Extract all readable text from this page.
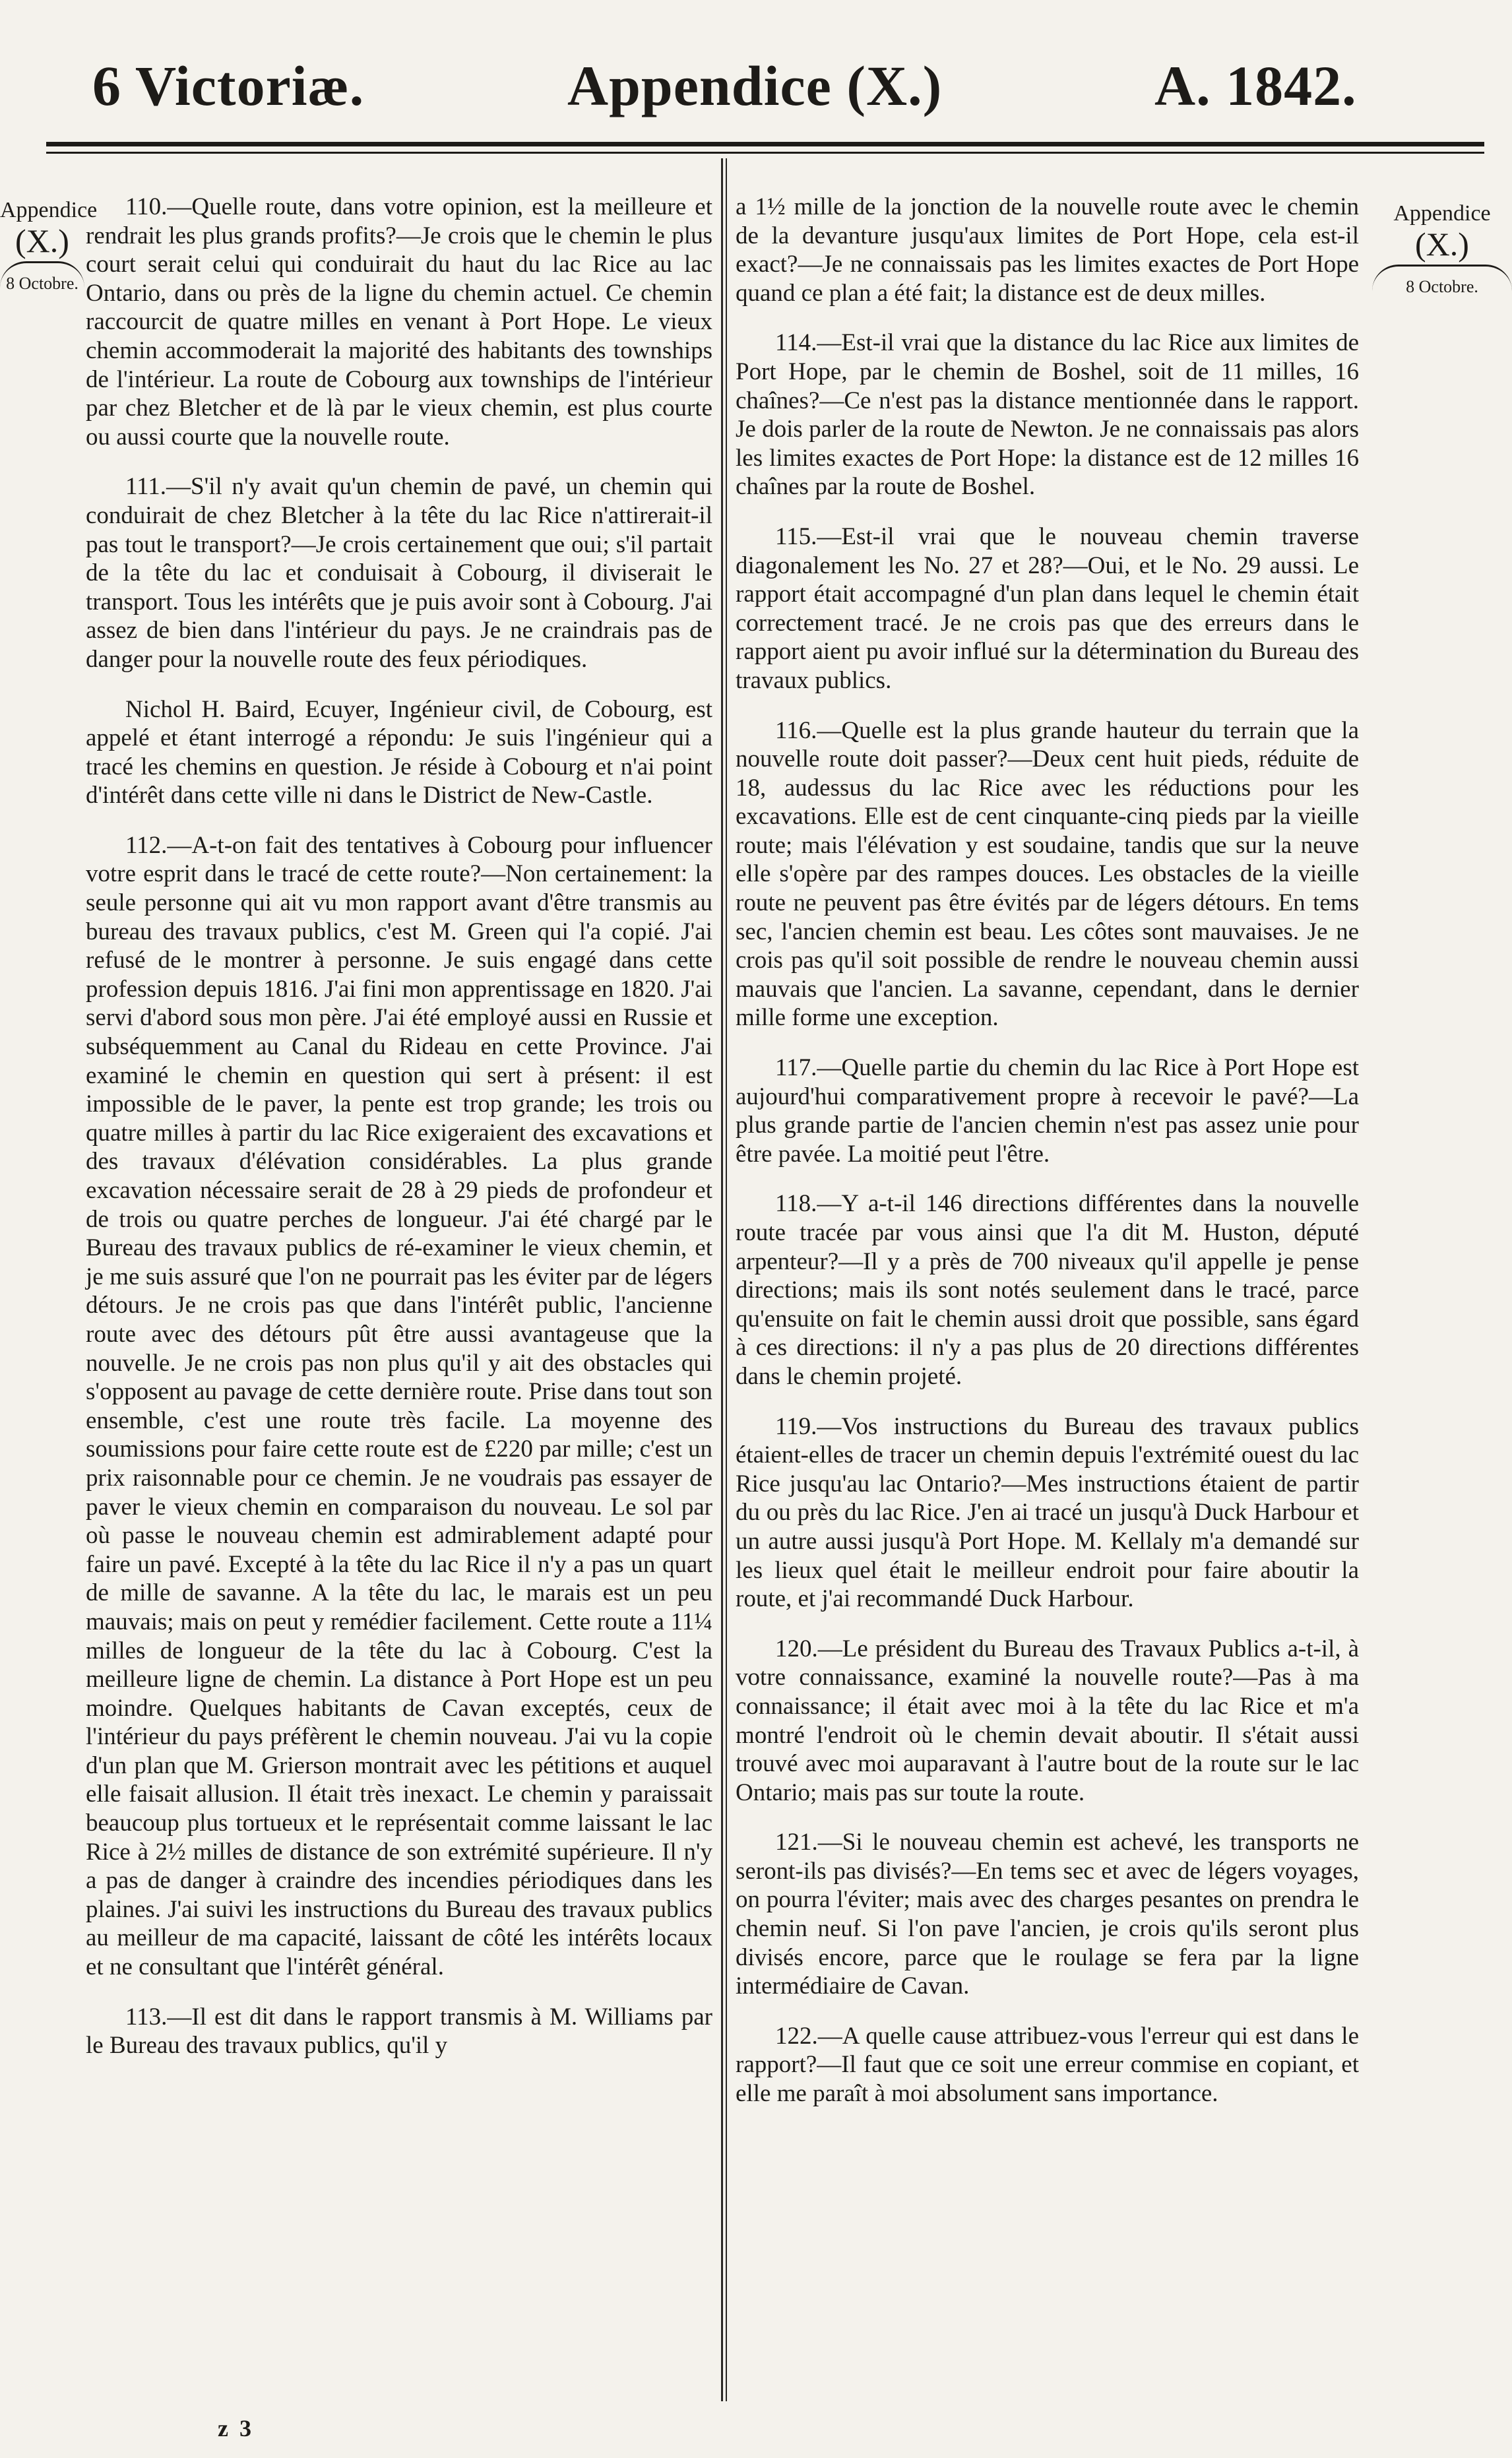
6 Victoriæ.	Appendice (X.)	A. 1842.
Appendice
(X.)
8 Octobre.
Appendice
(X.)
8 Octobre.

110.—Quelle route, dans votre opinion, est la meilleure et rendrait les plus grands profits?—Je crois que le chemin le plus court serait celui qui conduirait du haut du lac Rice au lac Ontario, dans ou près de la ligne du chemin actuel. Ce chemin raccourcit de quatre milles en venant à Port Hope. Le vieux chemin accommoderait la majorité des habitants des townships de l'intérieur. La route de Cobourg aux townships de l'intérieur par chez Bletcher et de là par le vieux chemin, est plus courte ou aussi courte que la nouvelle route.

111.—S'il n'y avait qu'un chemin de pavé, un chemin qui conduirait de chez Bletcher à la tête du lac Rice n'attirerait-il pas tout le transport?—Je crois certainement que oui; s'il partait de la tête du lac et conduisait à Cobourg, il diviserait le transport. Tous les intérêts que je puis avoir sont à Cobourg. J'ai assez de bien dans l'intérieur du pays. Je ne craindrais pas de danger pour la nouvelle route des feux périodiques.

Nichol H. Baird, Ecuyer, Ingénieur civil, de Cobourg, est appelé et étant interrogé a répondu: Je suis l'ingénieur qui a tracé les chemins en question. Je réside à Cobourg et n'ai point d'intérêt dans cette ville ni dans le District de New-Castle.

112.—A-t-on fait des tentatives à Cobourg pour influencer votre esprit dans le tracé de cette route?—Non certainement: la seule personne qui ait vu mon rapport avant d'être transmis au bureau des travaux publics, c'est M. Green qui l'a copié. J'ai refusé de le montrer à personne. Je suis engagé dans cette profession depuis 1816. J'ai fini mon apprentissage en 1820. J'ai servi d'abord sous mon père. J'ai été employé aussi en Russie et subséquemment au Canal du Rideau en cette Province. J'ai examiné le chemin en question qui sert à présent: il est impossible de le paver, la pente est trop grande; les trois ou quatre milles à partir du lac Rice exigeraient des excavations et des travaux d'élévation considérables. La plus grande excavation nécessaire serait de 28 à 29 pieds de profondeur et de trois ou quatre perches de longueur. J'ai été chargé par le Bureau des travaux publics de ré-examiner le vieux chemin, et je me suis assuré que l'on ne pourrait pas les éviter par de légers détours. Je ne crois pas que dans l'intérêt public, l'ancienne route avec des détours pût être aussi avantageuse que la nouvelle. Je ne crois pas non plus qu'il y ait des obstacles qui s'opposent au pavage de cette dernière route. Prise dans tout son ensemble, c'est une route très facile. La moyenne des soumissions pour faire cette route est de £220 par mille; c'est un prix raisonnable pour ce chemin. Je ne voudrais pas essayer de paver le vieux chemin en comparaison du nouveau. Le sol par où passe le nouveau chemin est admirablement adapté pour faire un pavé. Excepté à la tête du lac Rice il n'y a pas un quart de mille de savanne. A la tête du lac, le marais est un peu mauvais; mais on peut y remédier facilement. Cette route a 11¼ milles de longueur de la tête du lac à Cobourg. C'est la meilleure ligne de chemin. La distance à Port Hope est un peu moindre. Quelques habitants de Cavan exceptés, ceux de l'intérieur du pays préfèrent le chemin nouveau. J'ai vu la copie d'un plan que M. Grierson montrait avec les pétitions et auquel elle faisait allusion. Il était très inexact. Le chemin y paraissait beaucoup plus tortueux et le représentait comme laissant le lac Rice à 2½ milles de distance de son extrémité supérieure. Il n'y a pas de danger à craindre des incendies périodiques dans les plaines. J'ai suivi les instructions du Bureau des travaux publics au meilleur de ma capacité, laissant de côté les intérêts locaux et ne consultant que l'intérêt général.

113.—Il est dit dans le rapport transmis à M. Williams par le Bureau des travaux publics, qu'il y

a 1½ mille de la jonction de la nouvelle route avec le chemin de la devanture jusqu'aux limites de Port Hope, cela est-il exact?—Je ne connaissais pas les limites exactes de Port Hope quand ce plan a été fait; la distance est de deux milles.

114.—Est-il vrai que la distance du lac Rice aux limites de Port Hope, par le chemin de Boshel, soit de 11 milles, 16 chaînes?—Ce n'est pas la distance mentionnée dans le rapport. Je dois parler de la route de Newton. Je ne connaissais pas alors les limites exactes de Port Hope: la distance est de 12 milles 16 chaînes par la route de Boshel.

115.—Est-il vrai que le nouveau chemin traverse diagonalement les No. 27 et 28?—Oui, et le No. 29 aussi. Le rapport était accompagné d'un plan dans lequel le chemin était correctement tracé. Je ne crois pas que des erreurs dans le rapport aient pu avoir influé sur la détermination du Bureau des travaux publics.

116.—Quelle est la plus grande hauteur du terrain que la nouvelle route doit passer?—Deux cent huit pieds, réduite de 18, audessus du lac Rice avec les réductions pour les excavations. Elle est de cent cinquante-cinq pieds par la vieille route; mais l'élévation y est soudaine, tandis que sur la neuve elle s'opère par des rampes douces. Les obstacles de la vieille route ne peuvent pas être évités par de légers détours. En tems sec, l'ancien chemin est beau. Les côtes sont mauvaises. Je ne crois pas qu'il soit possible de rendre le nouveau chemin aussi mauvais que l'ancien. La savanne, cependant, dans le dernier mille forme une exception.

117.—Quelle partie du chemin du lac Rice à Port Hope est aujourd'hui comparativement propre à recevoir le pavé?—La plus grande partie de l'ancien chemin n'est pas assez unie pour être pavée. La moitié peut l'être.

118.—Y a-t-il 146 directions différentes dans la nouvelle route tracée par vous ainsi que l'a dit M. Huston, député arpenteur?—Il y a près de 700 niveaux qu'il appelle je pense directions; mais ils sont notés seulement dans le tracé, parce qu'ensuite on fait le chemin aussi droit que possible, sans égard à ces directions: il n'y a pas plus de 20 directions différentes dans le chemin projeté.

119.—Vos instructions du Bureau des travaux publics étaient-elles de tracer un chemin depuis l'extrémité ouest du lac Rice jusqu'au lac Ontario?—Mes instructions étaient de partir du ou près du lac Rice. J'en ai tracé un jusqu'à Duck Harbour et un autre aussi jusqu'à Port Hope. M. Kellaly m'a demandé sur les lieux quel était le meilleur endroit pour faire aboutir la route, et j'ai recommandé Duck Harbour.

120.—Le président du Bureau des Travaux Publics a-t-il, à votre connaissance, examiné la nouvelle route?—Pas à ma connaissance; il était avec moi à la tête du lac Rice et m'a montré l'endroit où le chemin devait aboutir. Il s'était aussi trouvé avec moi auparavant à l'autre bout de la route sur le lac Ontario; mais pas sur toute la route.

121.—Si le nouveau chemin est achevé, les transports ne seront-ils pas divisés?—En tems sec et avec de légers voyages, on pourra l'éviter; mais avec des charges pesantes on prendra le chemin neuf. Si l'on pave l'ancien, je crois qu'ils seront plus divisés encore, parce que le roulage se fera par la ligne intermédiaire de Cavan.

122.—A quelle cause attribuez-vous l'erreur qui est dans le rapport?—Il faut que ce soit une erreur commise en copiant, et elle me paraît à moi absolument sans importance.

z 3
